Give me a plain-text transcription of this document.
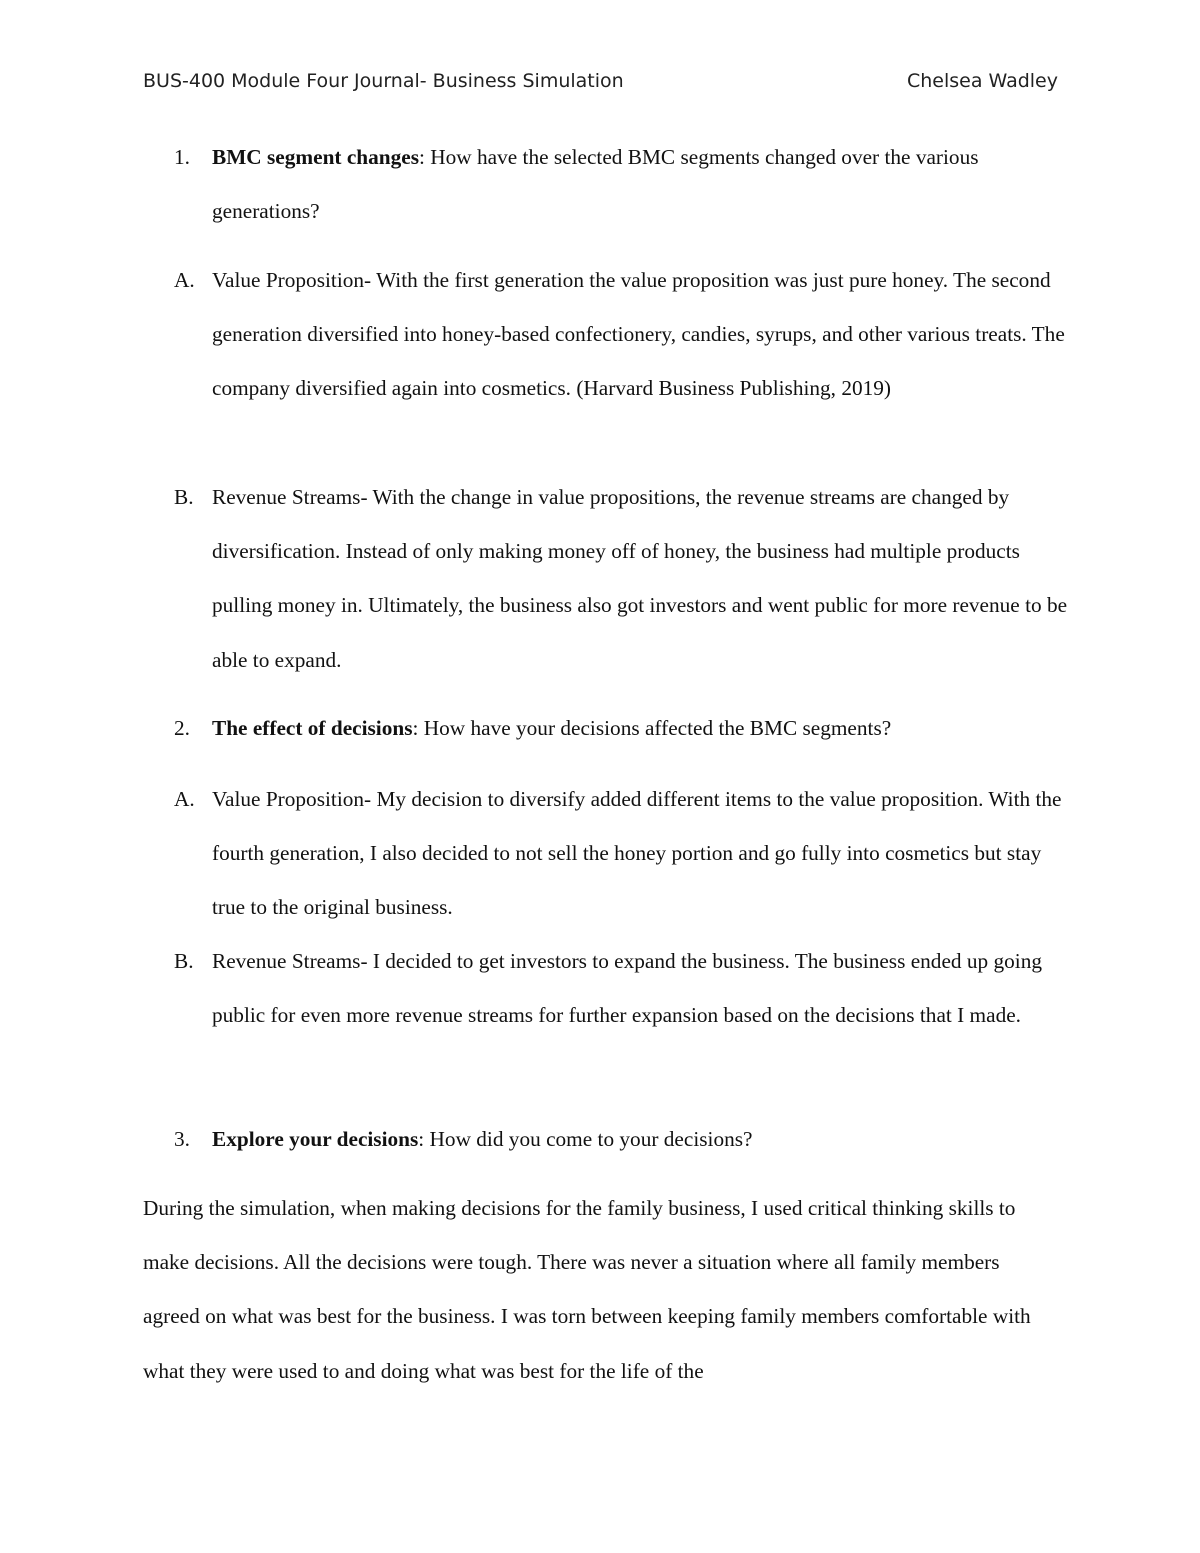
BUS-400 Module Four Journal- Business Simulation	Chelsea Wadley
1.	BMC segment changes: How have the selected BMC segments changed over the various generations?
A. Value Proposition- With the first generation the value proposition was just pure honey. The second generation diversified into honey-based confectionery, candies, syrups, and other various treats. The company diversified again into cosmetics. (Harvard Business Publishing, 2019)
B. Revenue Streams- With the change in value propositions, the revenue streams are changed by diversification. Instead of only making money off of honey, the business had multiple products pulling money in. Ultimately, the business also got investors and went public for more revenue to be able to expand.
2.	The effect of decisions: How have your decisions affected the BMC segments?
A. Value Proposition- My decision to diversify added different items to the value proposition. With the fourth generation, I also decided to not sell the honey portion and go fully into cosmetics but stay true to the original business.
B. Revenue Streams- I decided to get investors to expand the business. The business ended up going public for even more revenue streams for further expansion based on the decisions that I made.
3.	Explore your decisions: How did you come to your decisions?
During the simulation, when making decisions for the family business, I used critical thinking skills to make decisions. All the decisions were tough. There was never a situation where all family members agreed on what was best for the business. I was torn between keeping family members comfortable with what they were used to and doing what was best for the life of the
